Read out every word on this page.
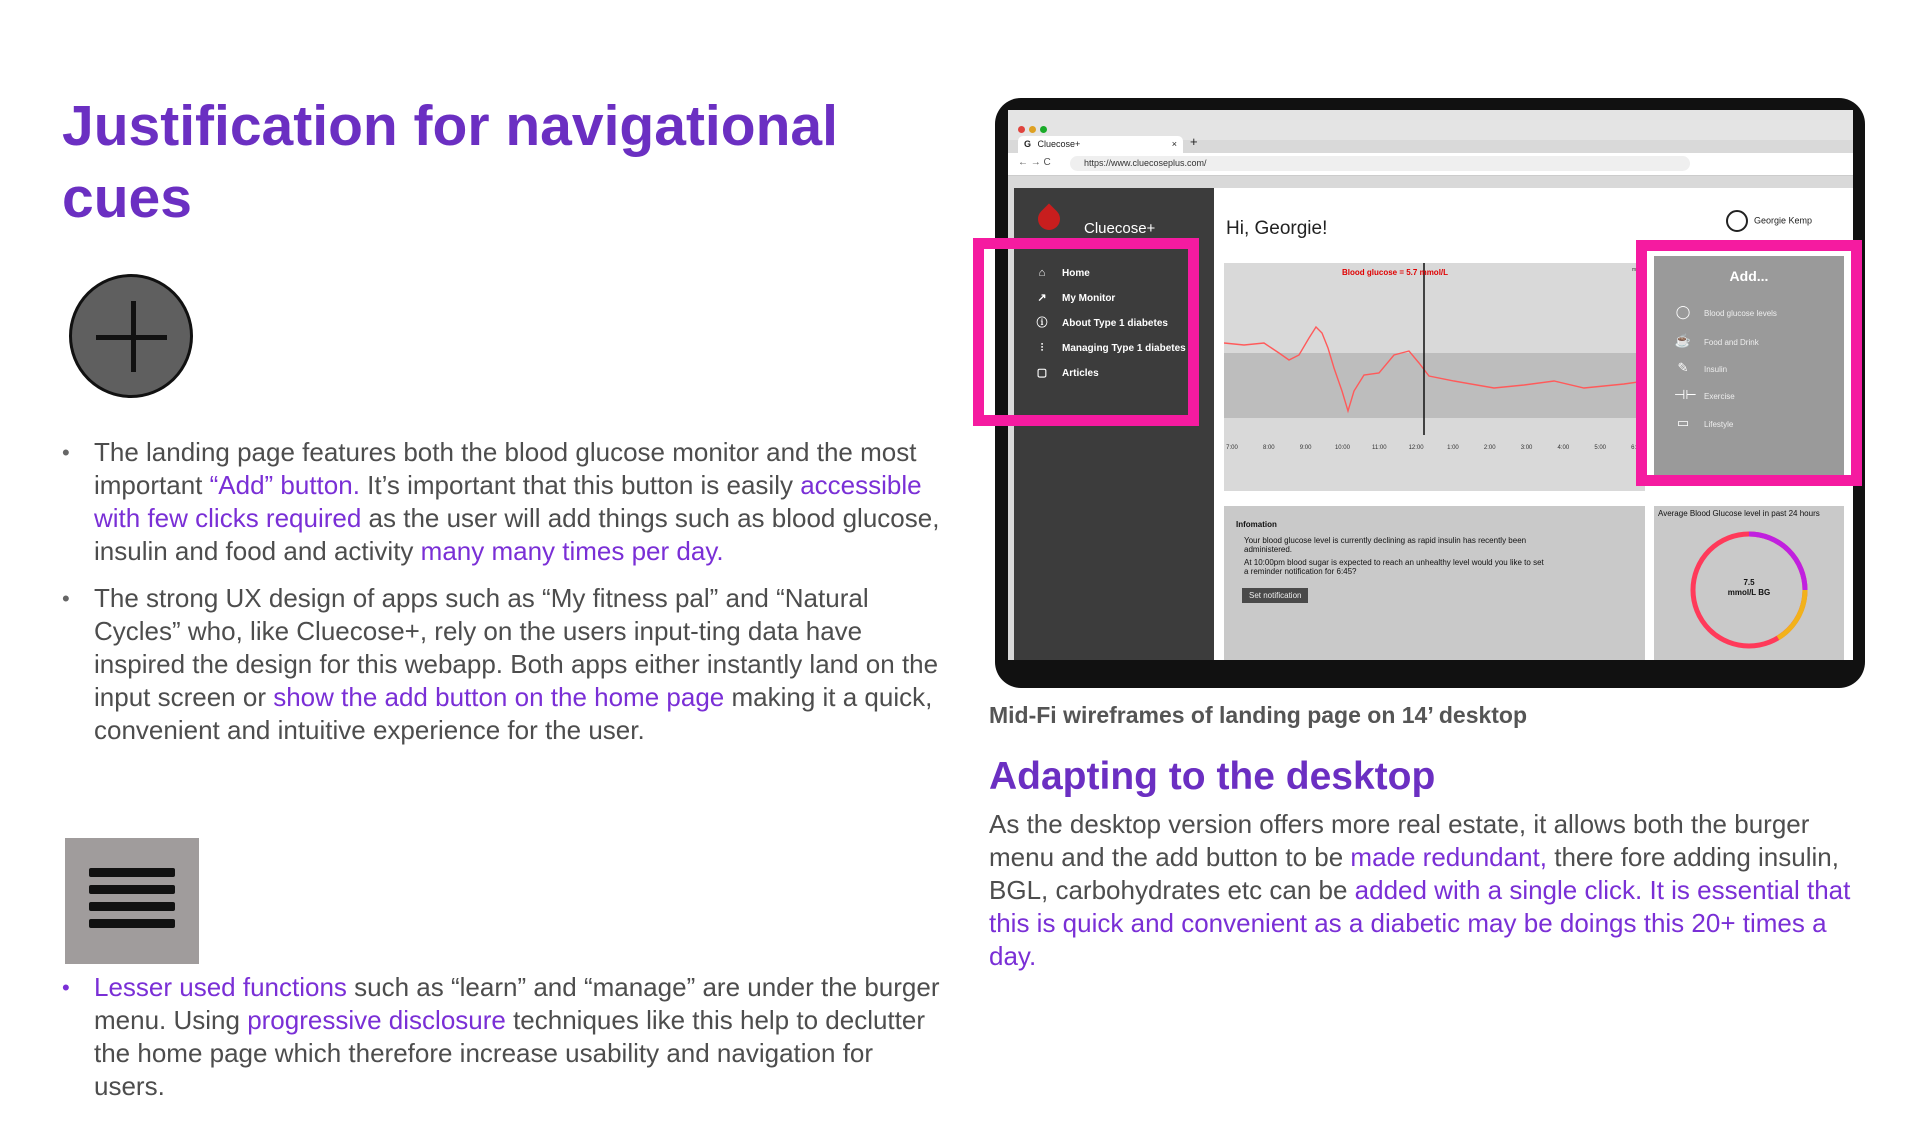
Justification for navigational cues
• The landing page features both the blood glucose monitor and the most important “Add” button. It’s important that this button is easily accessible with few clicks required as the user will add things such as blood glucose, insulin and food and activity many many times per day.
• The strong UX design of apps such as “My fitness pal” and “Natural Cycles” who, like Cluecose+, rely on the users input-ting data have inspired the design for this webapp. Both apps either instantly land on the input screen or show the add button on the home page making it a quick, convenient and intuitive experience for the user.
• Lesser used functions such as “learn” and “manage” are under the burger menu. Using progressive disclosure techniques like this help to declutter the home page which therefore increase usability and navigation for users.
G Cluecose+	× +
← → C	https://www.cluecoseplus.com/
Cluecose+
⌂ Home
↗ My Monitor
ⓘ About Type 1 diabetes
⫶ Managing Type 1 diabetes
▢ Articles
Hi, Georgie!	Georgie Kemp
Blood glucose = 5.7 mmol/L	mmol
7:00	8:00	9:00	10:00	11:00	12:00	1:00	2:00	3:00	4:00	5:00	6:00
Infomation
Your blood glucose level is currently declining as rapid insulin has recently been administered.
At 10:00pm blood sugar is expected to reach an unhealthy level would you like to set a reminder notification for 6:45?
Set notification
Average Blood Glucose level in past 24 hours
7.5
mmol/L BG
Add...
◯ Blood glucose levels
☕ Food and Drink
✎ Insulin
⊣⊢ Exercise
▭ Lifestyle
Mid-Fi wireframes of landing page on 14’ desktop
Adapting to the desktop
As the desktop version offers more real estate, it allows both the burger menu and the add button to be made redundant, there fore adding insulin, BGL, carbohydrates etc can be added with a single click. It is essential that this is quick and convenient as a diabetic may be doings this 20+ times a day.
